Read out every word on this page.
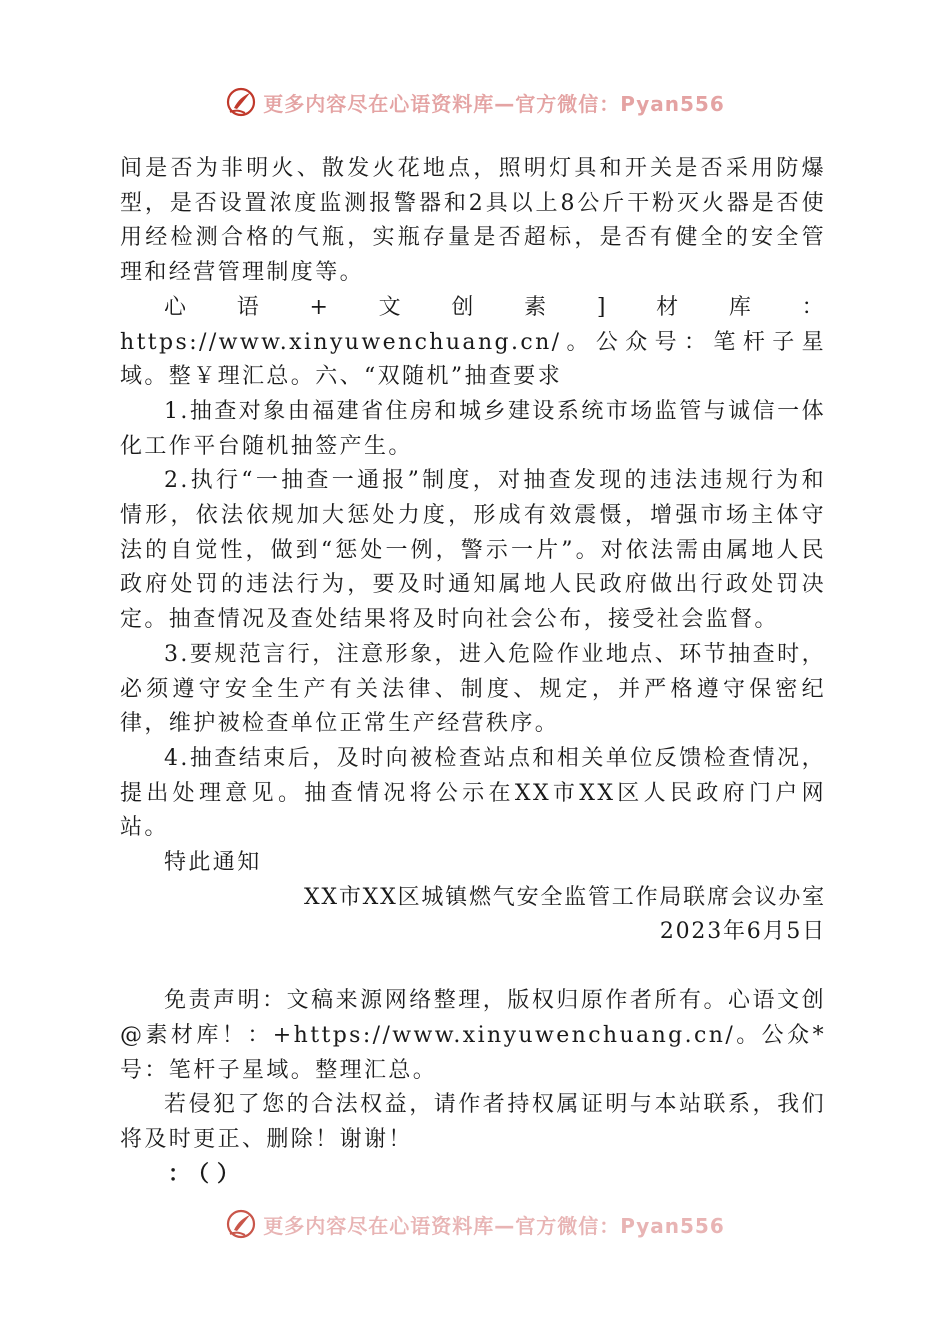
更多内容尽在心语资料库—官方微信：Pyan556

间是否为非明火、散发火花地点，照明灯具和开关是否采用防爆型，是否设置浓度监测报警器和2具以上8公斤干粉灭火器是否使用经检测合格的气瓶，实瓶存量是否超标，是否有健全的安全管理和经营管理制度等。

心语+文创素]材库：https://www.xinyuwenchuang.cn/。公众号：笔杆子星域。整￥理汇总。六、“双随机”抽查要求

1.抽查对象由福建省住房和城乡建设系统市场监管与诚信一体化工作平台随机抽签产生。

2.执行“一抽查一通报”制度，对抽查发现的违法违规行为和情形，依法依规加大惩处力度，形成有效震慑，增强市场主体守法的自觉性，做到“惩处一例，警示一片”。对依法需由属地人民政府处罚的违法行为，要及时通知属地人民政府做出行政处罚决定。抽查情况及查处结果将及时向社会公布，接受社会监督。

3.要规范言行，注意形象，进入危险作业地点、环节抽查时，必须遵守安全生产有关法律、制度、规定，并严格遵守保密纪律，维护被检查单位正常生产经营秩序。

4.抽查结束后，及时向被检查站点和相关单位反馈检查情况，提出处理意见。抽查情况将公示在XX市XX区人民政府门户网站。

特此通知

XX市XX区城镇燃气安全监管工作局联席会议办室

2023年6月5日

免责声明：文稿来源网络整理，版权归原作者所有。心语文创@素材库！：+https://www.xinyuwenchuang.cn/。公众*号：笔杆子星域。整理汇总。

若侵犯了您的合法权益，请作者持权属证明与本站联系，我们将及时更正、删除！谢谢！

：（）

更多内容尽在心语资料库—官方微信：Pyan556
